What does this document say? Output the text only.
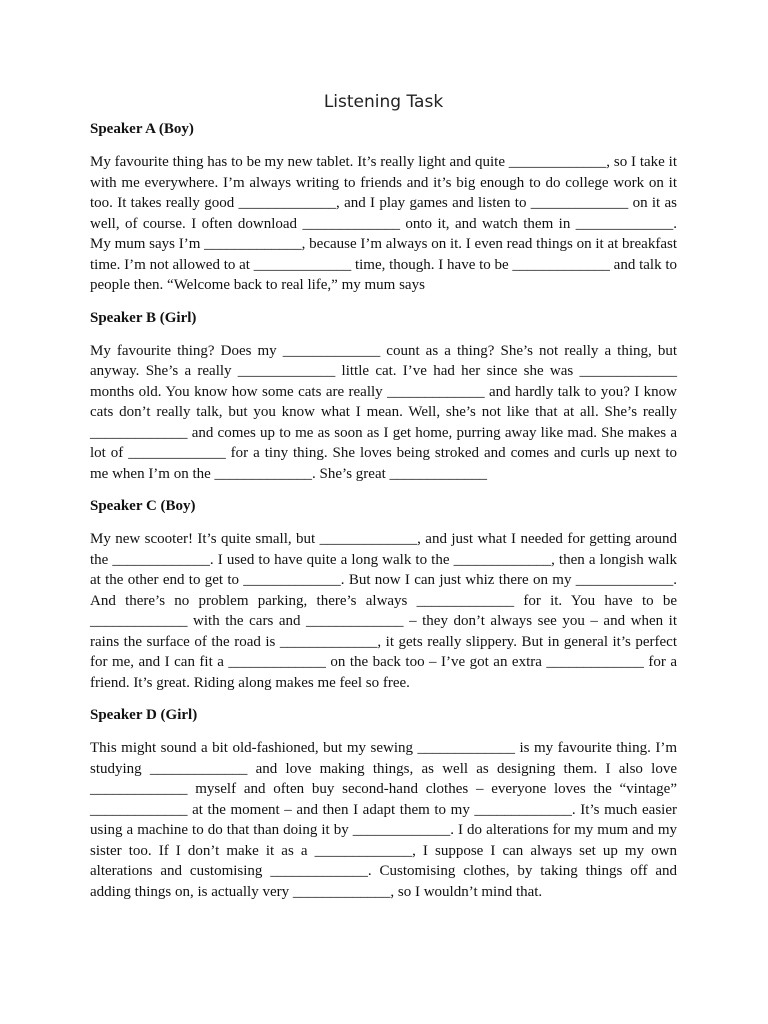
Listening Task
Speaker A (Boy)

My favourite thing has to be my new tablet. It’s really light and quite _____________, so I take it with me everywhere. I’m always writing to friends and it’s big enough to do college work on it too. It takes really good _____________, and I play games and listen to _____________ on it as well, of course. I often download _____________ onto it, and watch them in _____________. My mum says I’m _____________, because I’m always on it. I even read things on it at breakfast time. I’m not allowed to at _____________ time, though. I have to be _____________ and talk to people then. “Welcome back to real life,” my mum says

Speaker B (Girl)

My favourite thing? Does my _____________ count as a thing? She’s not really a thing, but anyway. She’s a really _____________ little cat. I’ve had her since she was _____________ months old. You know how some cats are really _____________ and hardly talk to you? I know cats don’t really talk, but you know what I mean. Well, she’s not like that at all. She’s really _____________ and comes up to me as soon as I get home, purring away like mad. She makes a lot of _____________ for a tiny thing. She loves being stroked and comes and curls up next to me when I’m on the _____________. She’s great _____________

Speaker C (Boy)

My new scooter! It’s quite small, but _____________, and just what I needed for getting around the _____________. I used to have quite a long walk to the _____________, then a longish walk at the other end to get to _____________. But now I can just whiz there on my _____________. And there’s no problem parking, there’s always _____________ for it. You have to be _____________ with the cars and _____________ – they don’t always see you – and when it rains the surface of the road is _____________, it gets really slippery. But in general it’s perfect for me, and I can fit a _____________ on the back too – I’ve got an extra _____________ for a friend. It’s great. Riding along makes me feel so free.

Speaker D (Girl)

This might sound a bit old-fashioned, but my sewing _____________ is my favourite thing. I’m studying _____________ and love making things, as well as designing them. I also love _____________ myself and often buy second-hand clothes – everyone loves the “vintage” _____________ at the moment – and then I adapt them to my _____________. It’s much easier using a machine to do that than doing it by _____________. I do alterations for my mum and my sister too. If I don’t make it as a _____________, I suppose I can always set up my own alterations and customising _____________. Customising clothes, by taking things off and adding things on, is actually very _____________, so I wouldn’t mind that.
